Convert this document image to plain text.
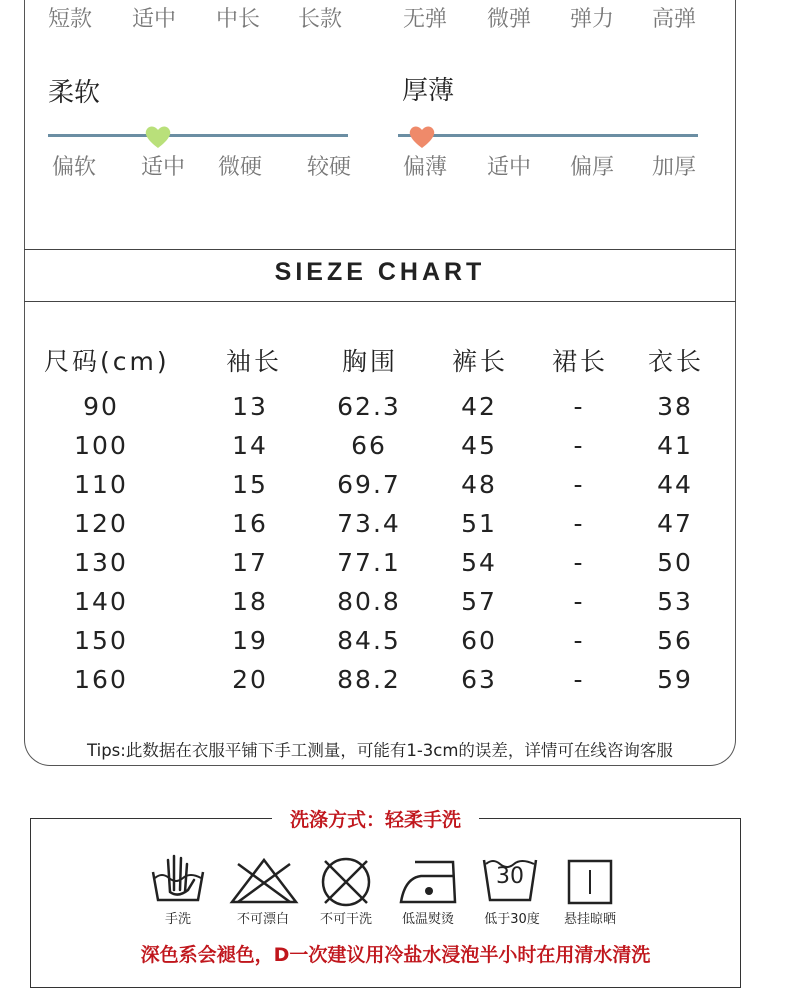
短款 适中 中长 长款	无弹 微弹 弹力 高弹
柔软
偏软 适中 微硬 较硬
厚薄
偏薄 适中 偏厚 加厚
SIEZE CHART
尺码(cm)	袖长	胸围	裤长	裙长	衣长
90	13	62.3	42	-	38
100	14	66	45	-	41
110	15	69.7	48	-	44
120	16	73.4	51	-	47
130	17	77.1	54	-	50
140	18	80.8	57	-	53
150	19	84.5	60	-	56
160	20	88.2	63	-	59
Tips:此数据在衣服平铺下手工测量，可能有1-3cm的误差，详情可在线咨询客服
洗涤方式：轻柔手洗
30
手洗	不可漂白	不可干洗	低温熨烫	低于30度	悬挂晾晒
深色系会褪色，D一次建议用冷盐水浸泡半小时在用清水清洗
